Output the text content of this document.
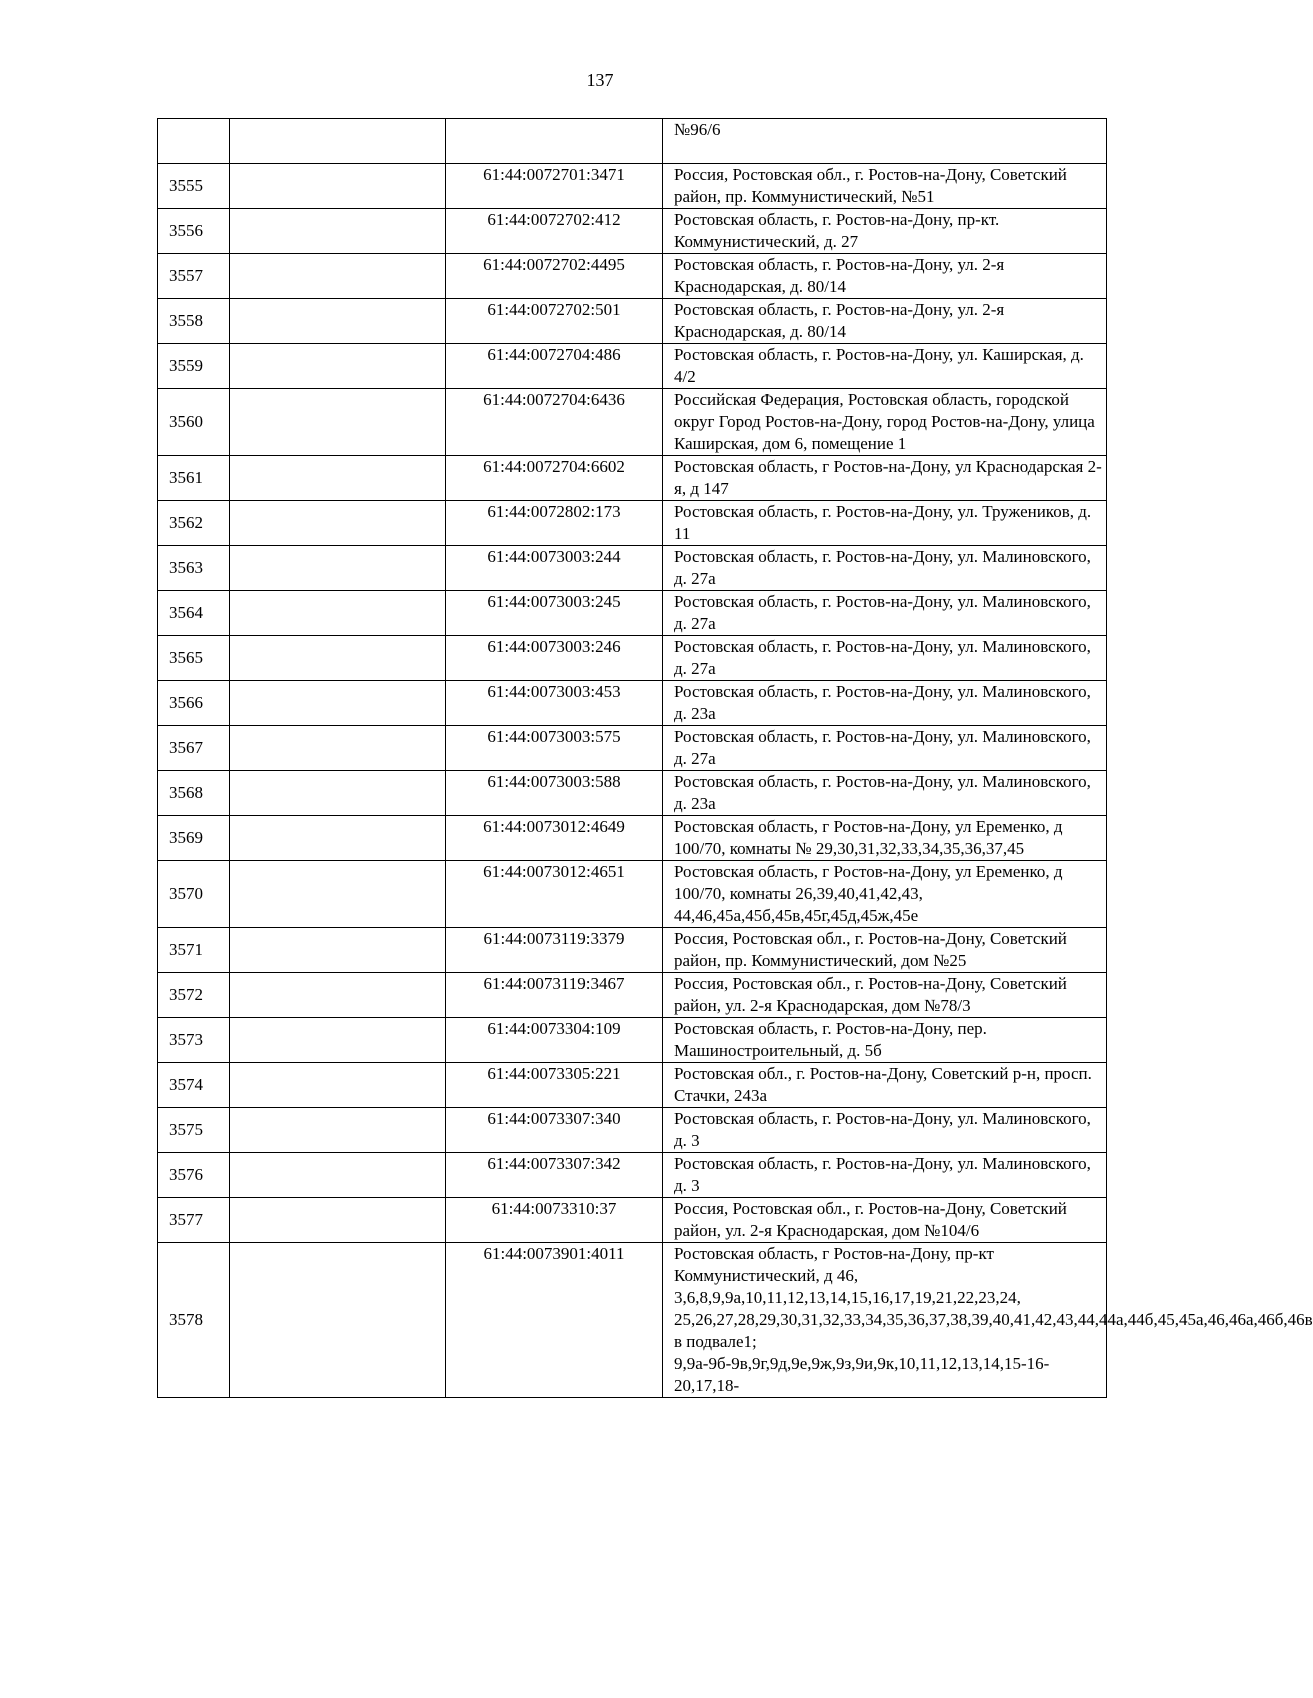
137
			№96/6
3555		61:44:0072701:3471	Россия, Ростовская обл., г. Ростов-на-Дону, Советский район, пр. Коммунистический, №51
3556		61:44:0072702:412	Ростовская область, г. Ростов-на-Дону, пр-кт. Коммунистический, д. 27
3557		61:44:0072702:4495	Ростовская область, г. Ростов-на-Дону, ул. 2-я Краснодарская, д. 80/14
3558		61:44:0072702:501	Ростовская область, г. Ростов-на-Дону, ул. 2-я Краснодарская, д. 80/14
3559		61:44:0072704:486	Ростовская область, г. Ростов-на-Дону, ул. Каширская, д. 4/2
3560		61:44:0072704:6436	Российская Федерация, Ростовская область, городской округ Город Ростов-на-Дону, город Ростов-на-Дону, улица Каширская, дом 6, помещение 1
3561		61:44:0072704:6602	Ростовская область, г Ростов-на-Дону, ул Краснодарская 2-я, д 147
3562		61:44:0072802:173	Ростовская область, г. Ростов-на-Дону, ул. Тружеников, д. 11
3563		61:44:0073003:244	Ростовская область, г. Ростов-на-Дону, ул. Малиновского, д. 27а
3564		61:44:0073003:245	Ростовская область, г. Ростов-на-Дону, ул. Малиновского, д. 27а
3565		61:44:0073003:246	Ростовская область, г. Ростов-на-Дону, ул. Малиновского, д. 27а
3566		61:44:0073003:453	Ростовская область, г. Ростов-на-Дону, ул. Малиновского, д. 23а
3567		61:44:0073003:575	Ростовская область, г. Ростов-на-Дону, ул. Малиновского, д. 27а
3568		61:44:0073003:588	Ростовская область, г. Ростов-на-Дону, ул. Малиновского, д. 23а
3569		61:44:0073012:4649	Ростовская область, г Ростов-на-Дону, ул Еременко, д 100/70, комнаты № 29,30,31,32,33,34,35,36,37,45
3570		61:44:0073012:4651	Ростовская область, г Ростов-на-Дону, ул Еременко, д 100/70, комнаты 26,39,40,41,42,43, 44,46,45а,45б,45в,45г,45д,45ж,45е
3571		61:44:0073119:3379	Россия, Ростовская обл., г. Ростов-на-Дону, Советский район, пр. Коммунистический, дом №25
3572		61:44:0073119:3467	Россия, Ростовская обл., г. Ростов-на-Дону, Советский район, ул. 2-я Краснодарская, дом №78/3
3573		61:44:0073304:109	Ростовская область, г. Ростов-на-Дону, пер. Машиностроительный, д. 5б
3574		61:44:0073305:221	Ростовская обл., г. Ростов-на-Дону, Советский р-н, просп. Стачки, 243а
3575		61:44:0073307:340	Ростовская область, г. Ростов-на-Дону, ул. Малиновского, д. 3
3576		61:44:0073307:342	Ростовская область, г. Ростов-на-Дону, ул. Малиновского, д. 3
3577		61:44:0073310:37	Россия, Ростовская обл., г. Ростов-на-Дону, Советский район, ул. 2-я Краснодарская, дом №104/6
3578		61:44:0073901:4011	Ростовская область, г Ростов-на-Дону, пр-кт Коммунистический, д 46, 3,6,8,9,9а,10,11,12,13,14,15,16,17,19,21,22,23,24, 25,26,27,28,29,30,31,32,33,34,35,36,37,38,39,40,41,42,43,44,44а,44б,45,45а,46,46а,46б,46в в подвале1; 9,9а-9б-9в,9г,9д,9е,9ж,9з,9и,9к,10,11,12,13,14,15-16-20,17,18-
